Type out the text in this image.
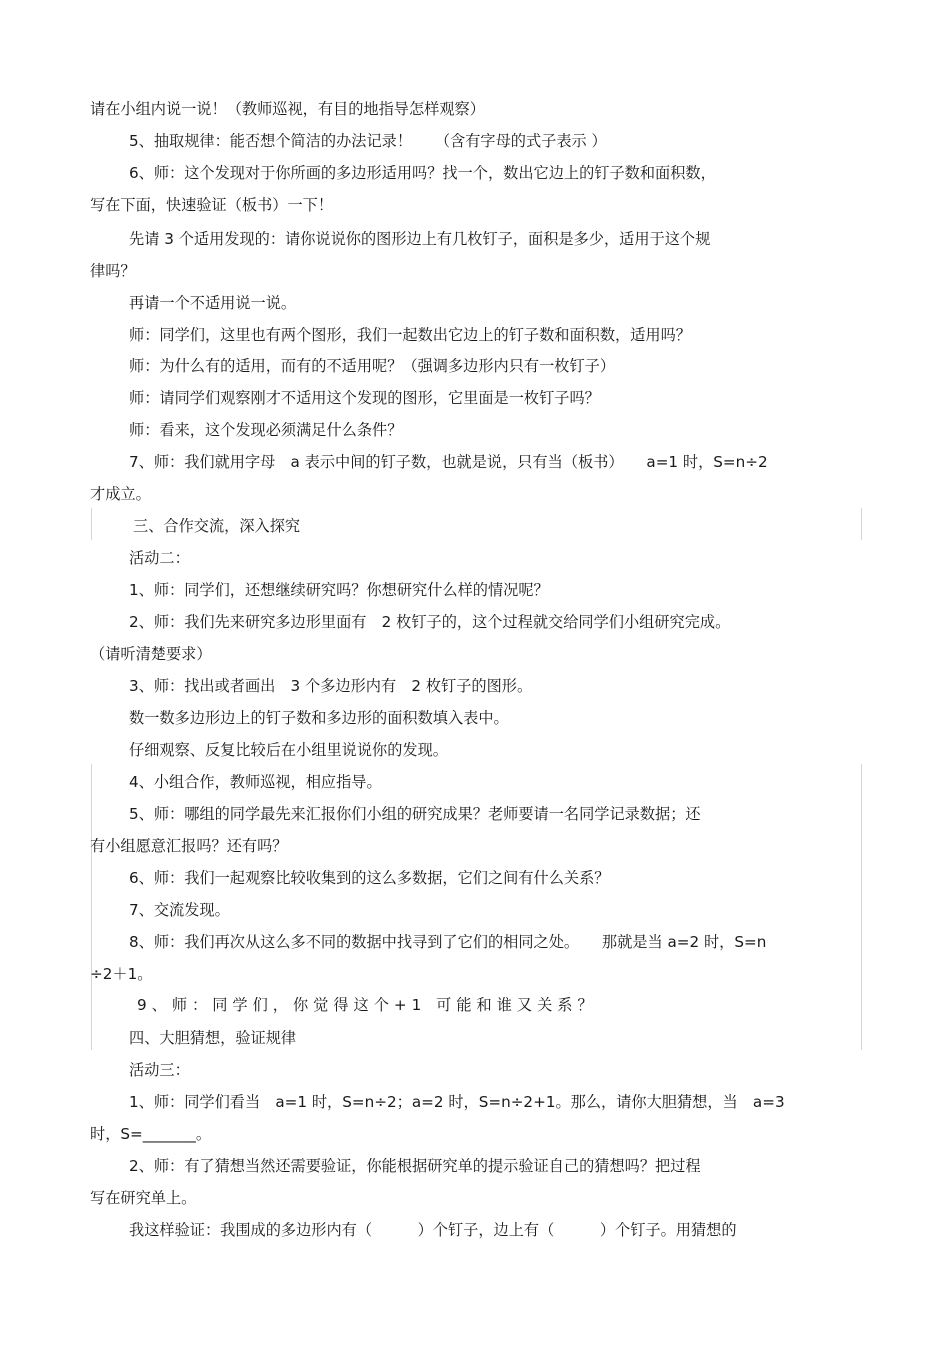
请在小组内说一说！（教师巡视，有目的地指导怎样观察）
5、抽取规律：能否想个简洁的办法记录！　　（含有字母的式子表示 ）
6、师：这个发现对于你所画的多边形适用吗？找一个，数出它边上的钉子数和面积数，
写在下面，快速验证（板书）一下！
先请 3 个适用发现的：请你说说你的图形边上有几枚钉子，面积是多少，适用于这个规
律吗？
再请一个不适用说一说。
师：同学们，这里也有两个图形，我们一起数出它边上的钉子数和面积数，适用吗？
师：为什么有的适用，而有的不适用呢？（强调多边形内只有一枚钉子）
师：请同学们观察刚才不适用这个发现的图形，它里面是一枚钉子吗？
师：看来，这个发现必须满足什么条件？
7、师：我们就用字母　a 表示中间的钉子数，也就是说，只有当（板书）　　a=1 时，S=n÷2
才成立。
三、合作交流，深入探究
活动二：
1、师：同学们，还想继续研究吗？你想研究什么样的情况呢？
2、师：我们先来研究多边形里面有　2 枚钉子的，这个过程就交给同学们小组研究完成。
（请听清楚要求）
3、师：找出或者画出　3 个多边形内有　2 枚钉子的图形。
数一数多边形边上的钉子数和多边形的面积数填入表中。
仔细观察、反复比较后在小组里说说你的发现。
4、小组合作，教师巡视，相应指导。
5、师：哪组的同学最先来汇报你们小组的研究成果？老师要请一名同学记录数据；还
有小组愿意汇报吗？还有吗？
6、师：我们一起观察比较收集到的这么多数据，它们之间有什么关系？
7、交流发现。
8、师：我们再次从这么多不同的数据中找寻到了它们的相同之处。　　那就是当 a=2 时，S=n
÷2＋1。
9、师：同学们，你觉得这个+1 可能和谁又关系？
四、大胆猜想，验证规律
活动三：
1、师：同学们看当　a=1 时，S=n÷2；a=2 时，S=n÷2+1。那么，请你大胆猜想，当　a=3
时，S=_______。
2、师：有了猜想当然还需要验证，你能根据研究单的提示验证自己的猜想吗？把过程
写在研究单上。
我这样验证：我围成的多边形内有（　　　）个钉子，边上有（　　　）个钉子。用猜想的
